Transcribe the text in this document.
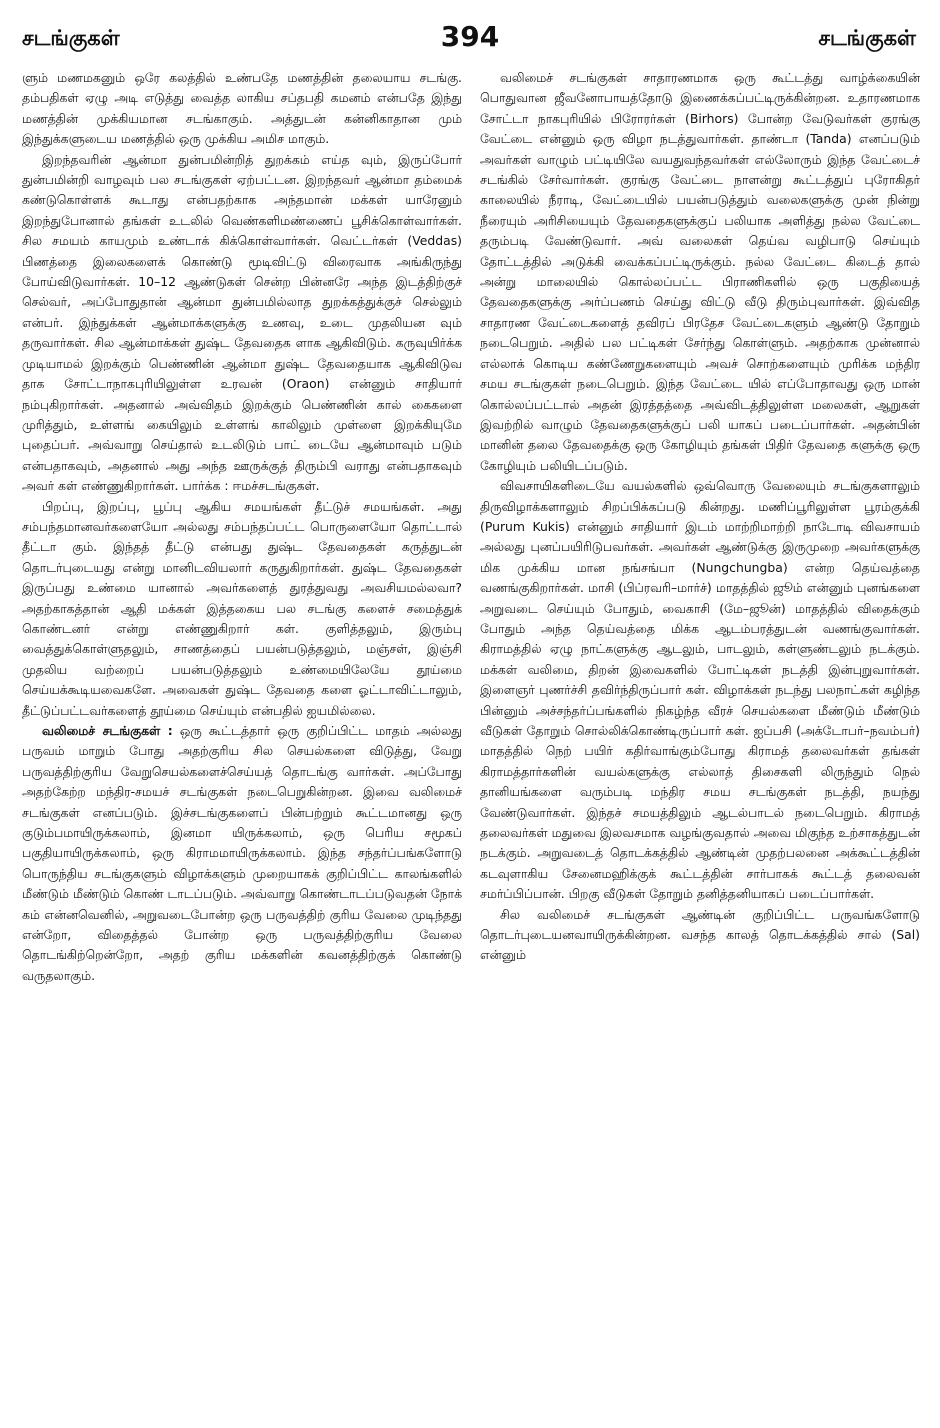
சடங்குகள்	394	சடங்குகள்

ளும் மணமகனும் ஒரே கலத்தில் உண்பதே மணத்தின் தலையாய சடங்கு. தம்பதிகள் ஏழு அடி எடுத்து வைத்த லாகிய சப்தபதி கமனம் என்பதே இந்து மணத்தின் முக்கியமான சடங்காகும். அத்துடன் கன்னிகாதான மும் இந்துக்களுடைய மணத்தில் ஒரு முக்கிய அமிச மாகும்.

இறந்தவரின் ஆன்மா துன்பமின்றித் துறக்கம் எய்த வும், இருப்போர் துன்பமின்றி வாழவும் பல சடங்குகள் ஏற்பட்டன. இறந்தவர் ஆன்மா தம்மைக் கண்டுகொள்ளக் கூடாது என்பதற்காக அந்தமான் மக்கள் யாரேனும் இறந்துபோனால் தங்கள் உடலில் வெண்களிமண்ணைப் பூசிக்கொள்வார்கள். சில சமயம் காயமும் உண்டாக் கிக்கொள்வார்கள். வெட்டர்கள் (Veddas) பிணத்தை இலைகளைக் கொண்டு மூடிவிட்டு விரைவாக அங்கிருந்து போய்விடுவார்கள். 10–12 ஆண்டுகள் சென்ற பின்னரே அந்த இடத்திற்குச் செல்வர், அப்போதுதான் ஆன்மா துன்பமில்லாத துறக்கத்துக்குச் செல்லும் என்பர். இந்துக்கள் ஆன்மாக்களுக்கு உணவு, உடை முதலியன வும் தருவார்கள். சில ஆன்மாக்கள் துஷ்ட தேவதைக ளாக ஆகிவிடும். கருவுயிர்க்க முடியாமல் இறக்கும் பெண்ணின் ஆன்மா துஷ்ட தேவதையாக ஆகிவிடுவ தாக சோட்டாநாகபுரியிலுள்ள உரவன் (Oraon) என்னும் சாதியார் நம்புகிறார்கள். அதனால் அவ்விதம் இறக்கும் பெண்ணின் கால் கைகளை முரித்தும், உள்ளங் கையிலும் உள்ளங் காலிலும் முள்ளை இறக்கியுமே புதைப்பர். அவ்வாறு செய்தால் உடலிடும் பாட் டையே ஆன்மாவும் படும் என்பதாகவும், அதனால் அது அந்த ஊருக்குத் திரும்பி வராது என்பதாகவும் அவர் கள் எண்ணுகிறார்கள். பார்க்க : ஈமச்சடங்குகள்.

பிறப்பு, இறப்பு, பூப்பு ஆகிய சமயங்கள் தீட்டுச் சமயங்கள். அது சம்பந்தமானவர்களையோ அல்லது சம்பந்தப்பட்ட பொருளையோ தொட்டால் தீட்டா கும். இந்தத் தீட்டு என்பது துஷ்ட தேவதைகள் கருத்துடன் தொடர்புடையது என்று மானிடவியலார் கருதுகிறார்கள். துஷ்ட தேவதைகள் இருப்பது உண்மை யானால் அவர்களைத் துரத்துவது அவசியமல்லவா? அதற்காகத்தான் ஆதி மக்கள் இத்தகைய பல சடங்கு களைச் சமைத்துக் கொண்டனர் என்று எண்ணுகிறார் கள். குளித்தலும், இரும்பு வைத்துக்கொள்ளுதலும், சாணத்தைப் பயன்படுத்தலும், மஞ்சள், இஞ்சி முதலிய வற்றைப் பயன்படுத்தலும் உண்மையிலேயே தூய்மை செய்யக்கூடியவைகளே. அவைகள் துஷ்ட தேவதை களை ஓட்டாவிட்டாலும், தீட்டுப்பட்டவர்களைத் தூய்மை செய்யும் என்பதில் ஐயமில்லை.

வலிமைச் சடங்குகள் : ஒரு கூட்டத்தார் ஒரு குறிப்பிட்ட மாதம் அல்லது பருவம் மாறும் போது அதற்குரிய சில செயல்களை விடுத்து, வேறு பருவத்திற்குரிய வேறுசெயல்களைச்செய்யத் தொடங்கு வார்கள். அப்போது அதற்கேற்ற மந்திர-சமயச் சடங்குகள் நடைபெறுகின்றன. இவை வலிமைச் சடங்குகள் எனப்படும். இச்சடங்குகளைப் பின்பற்றும் கூட்டமானது ஒரு குடும்பமாயிருக்கலாம், இனமா யிருக்கலாம், ஒரு பெரிய சமூகப் பகுதியாயிருக்கலாம், ஒரு கிராமமாயிருக்கலாம். இந்த சந்தர்ப்பங்களோடு பொருந்திய சடங்குகளும் விழாக்களும் முறையாகக் குறிப்பிட்ட காலங்களில் மீண்டும் மீண்டும் கொண் டாடப்படும். அவ்வாறு கொண்டாடப்படுவதன் நோக் கம் என்னவெனில், அறுவடைபோன்ற ஒரு பருவத்திற் குரிய வேலை முடிந்தது என்றோ, விதைத்தல் போன்ற ஒரு பருவத்திற்குரிய வேலை தொடங்கிற்றென்றோ, அதற் குரிய மக்களின் கவனத்திற்குக் கொண்டு வருதலாகும்.

வலிமைச் சடங்குகள் சாதாரணமாக ஒரு கூட்டத்து வாழ்க்கையின் பொதுவான ஜீவனோபாயத்தோடு இணைக்கப்பட்டிருக்கின்றன. உதாரணமாக சோட்டா நாகபுரியில் பிரோரர்கள் (Birhors) போன்ற வேடுவர்கள் குரங்கு வேட்டை என்னும் ஒரு விழா நடத்துவார்கள். தாண்டா (Tanda) எனப்படும் அவர்கள் வாழும் பட்டியிலே வயதுவந்தவர்கள் எல்லோரும் இந்த வேட்டைச் சடங்கில் சேர்வார்கள். குரங்கு வேட்டை நாளன்று கூட்டத்துப் புரோகிதர் காலையில் நீராடி, வேட்டையில் பயன்படுத்தும் வலைகளுக்கு முன் நின்று நீரையும் அரிசியையும் தேவதைகளுக்குப் பலியாக அளித்து நல்ல வேட்டை தரும்படி வேண்டுவார். அவ் வலைகள் தெய்வ வழிபாடு செய்யும் தோட்டத்தில் அடுக்கி வைக்கப்பட்டிருக்கும். நல்ல வேட்டை கிடைத் தால் அன்று மாலையில் கொல்லப்பட்ட பிராணிகளில் ஒரு பகுதியைத் தேவதைகளுக்கு அர்ப்பணம் செய்து விட்டு வீடு திரும்புவார்கள். இவ்வித சாதாரண வேட்டைகளைத் தவிரப் பிரதேச வேட்டைகளும் ஆண்டு தோறும் நடைபெறும். அதில் பல பட்டிகள் சேர்ந்து கொள்ளும். அதற்காக முன்னால் எல்லாக் கொடிய கண்ணேறுகளையும் அவச் சொற்களையும் முரிக்க மந்திர சமய சடங்குகள் நடைபெறும். இந்த வேட்டை யில் எப்போதாவது ஒரு மான் கொல்லப்பட்டால் அதன் இரத்தத்தை அவ்விடத்திலுள்ள மலைகள், ஆறுகள் இவற்றில் வாழும் தேவதைகளுக்குப் பலி யாகப் படைப்பார்கள். அதன்பின் மானின் தலை தேவதைக்கு ஒரு கோழியும் தங்கள் பிதிர் தேவதை களுக்கு ஒரு கோழியும் பலியிடப்படும்.

விவசாயிகளிடையே வயல்களில் ஒவ்வொரு வேலையும் சடங்குகளாலும் திருவிழாக்களாலும் சிறப்பிக்கப்படு கின்றது. மணிப்பூரிலுள்ள பூரம்குக்கி (Purum Kukis) என்னும் சாதியார் இடம் மாற்றிமாற்றி நாடோடி விவசாயம் அல்லது புனப்பயிரிடுபவர்கள். அவர்கள் ஆண்டுக்கு இருமுறை அவர்களுக்கு மிக முக்கிய மான நங்சங்பா (Nungchungba) என்ற தெய்வத்தை வணங்குகிறார்கள். மாசி (பிப்ரவரி–மார்ச்) மாதத்தில் ஜூம் என்னும் புனங்களை அறுவடை செய்யும் போதும், வைகாசி (மே–ஜூன்) மாதத்தில் விதைக்கும் போதும் அந்த தெய்வத்தை மிக்க ஆடம்பரத்துடன் வணங்குவார்கள். கிராமத்தில் ஏழு நாட்களுக்கு ஆடலும், பாடலும், கள்ளுண்டலும் நடக்கும். மக்கள் வலிமை, திறன் இவைகளில் போட்டிகள் நடத்தி இன்புறுவார்கள். இளைஞர் புணர்ச்சி தவிர்ந்திருப்பார் கள். விழாக்கள் நடந்து பலநாட்கள் கழிந்த பின்னும் அச்சந்தர்ப்பங்களில் நிகழ்ந்த வீரச் செயல்களை மீண்டும் மீண்டும் வீடுகள் தோறும் சொல்லிக்கொண்டிருப்பார் கள். ஐப்பசி (அக்டோபர்–நவம்பர்) மாதத்தில் நெற் பயிர் கதிர்வாங்கும்போது கிராமத் தலைவர்கள் தங்கள் கிராமத்தார்களின் வயல்களுக்கு எல்லாத் திசைகளி லிருந்தும் நெல் தானியங்களை வரும்படி மந்திர சமய சடங்குகள் நடத்தி, நயந்து வேண்டுவார்கள். இந்தச் சமயத்திலும் ஆடல்பாடல் நடைபெறும். கிராமத் தலைவர்கள் மதுவை இலவசமாக வழங்குவதால் அவை மிகுந்த உற்சாகத்துடன் நடக்கும். அறுவடைத் தொடக்கத்தில் ஆண்டின் முதற்பலனை அக்கூட்டத்தின் கடவுளாகிய சேனைமஹிக்குக் கூட்டத்தின் சார்பாகக் கூட்டத் தலைவன் சமர்ப்பிப்பான். பிறகு வீடுகள் தோறும் தனித்தனியாகப் படைப்பார்கள்.

சில வலிமைச் சடங்குகள் ஆண்டின் குறிப்பிட்ட பருவங்களோடு தொடர்புடையனவாயிருக்கின்றன. வசந்த காலத் தொடக்கத்தில் சால் (Sal) என்னும்
